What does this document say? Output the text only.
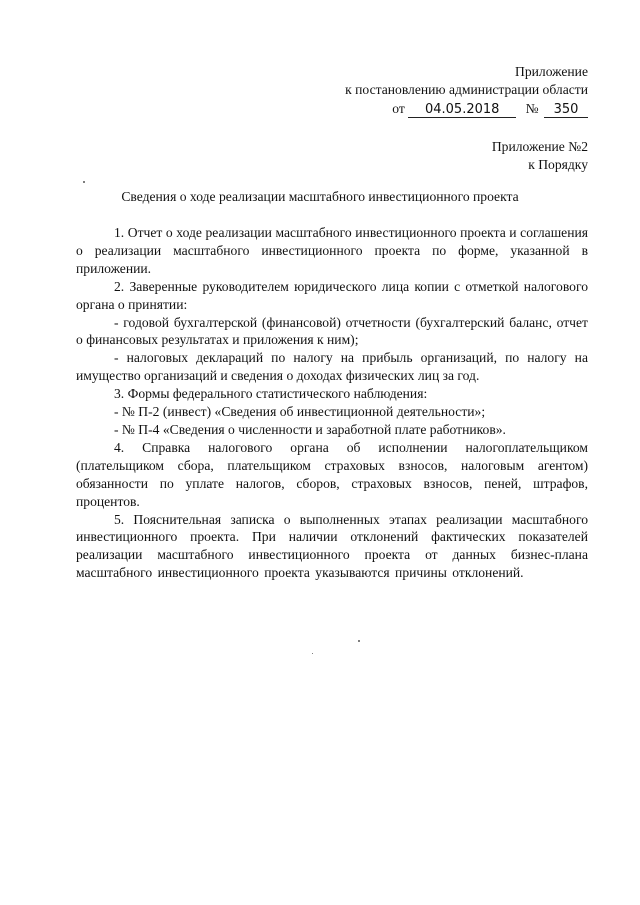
Приложение
к постановлению администрации области
от 04.05.2018 № 350
Приложение №2
к Порядку
Сведения о ходе реализации масштабного инвестиционного проекта

1. Отчет о ходе реализации масштабного инвестиционного проекта и соглашения о реализации масштабного инвестиционного проекта по форме, указанной в приложении.

2. Заверенные руководителем юридического лица копии с отметкой налогового органа о принятии:

- годовой бухгалтерской (финансовой) отчетности (бухгалтерский баланс, отчет о финансовых результатах и приложения к ним);

- налоговых деклараций по налогу на прибыль организаций, по налогу на имущество организаций и сведения о доходах физических лиц за год.

3. Формы федерального статистического наблюдения:

- № П-2 (инвест) «Сведения об инвестиционной деятельности»;

- № П-4 «Сведения о численности и заработной плате работников».

4. Справка налогового органа об исполнении налогоплательщиком (плательщиком сбора, плательщиком страховых взносов, налоговым агентом) обязанности по уплате налогов, сборов, страховых взносов, пеней, штрафов, процентов.

5. Пояснительная записка о выполненных этапах реализации масштабного инвестиционного проекта. При наличии отклонений фактических показателей реализации масштабного инвестиционного проекта от данных бизнес-плана масштабного инвестиционного проекта указываются причины отклонений.
